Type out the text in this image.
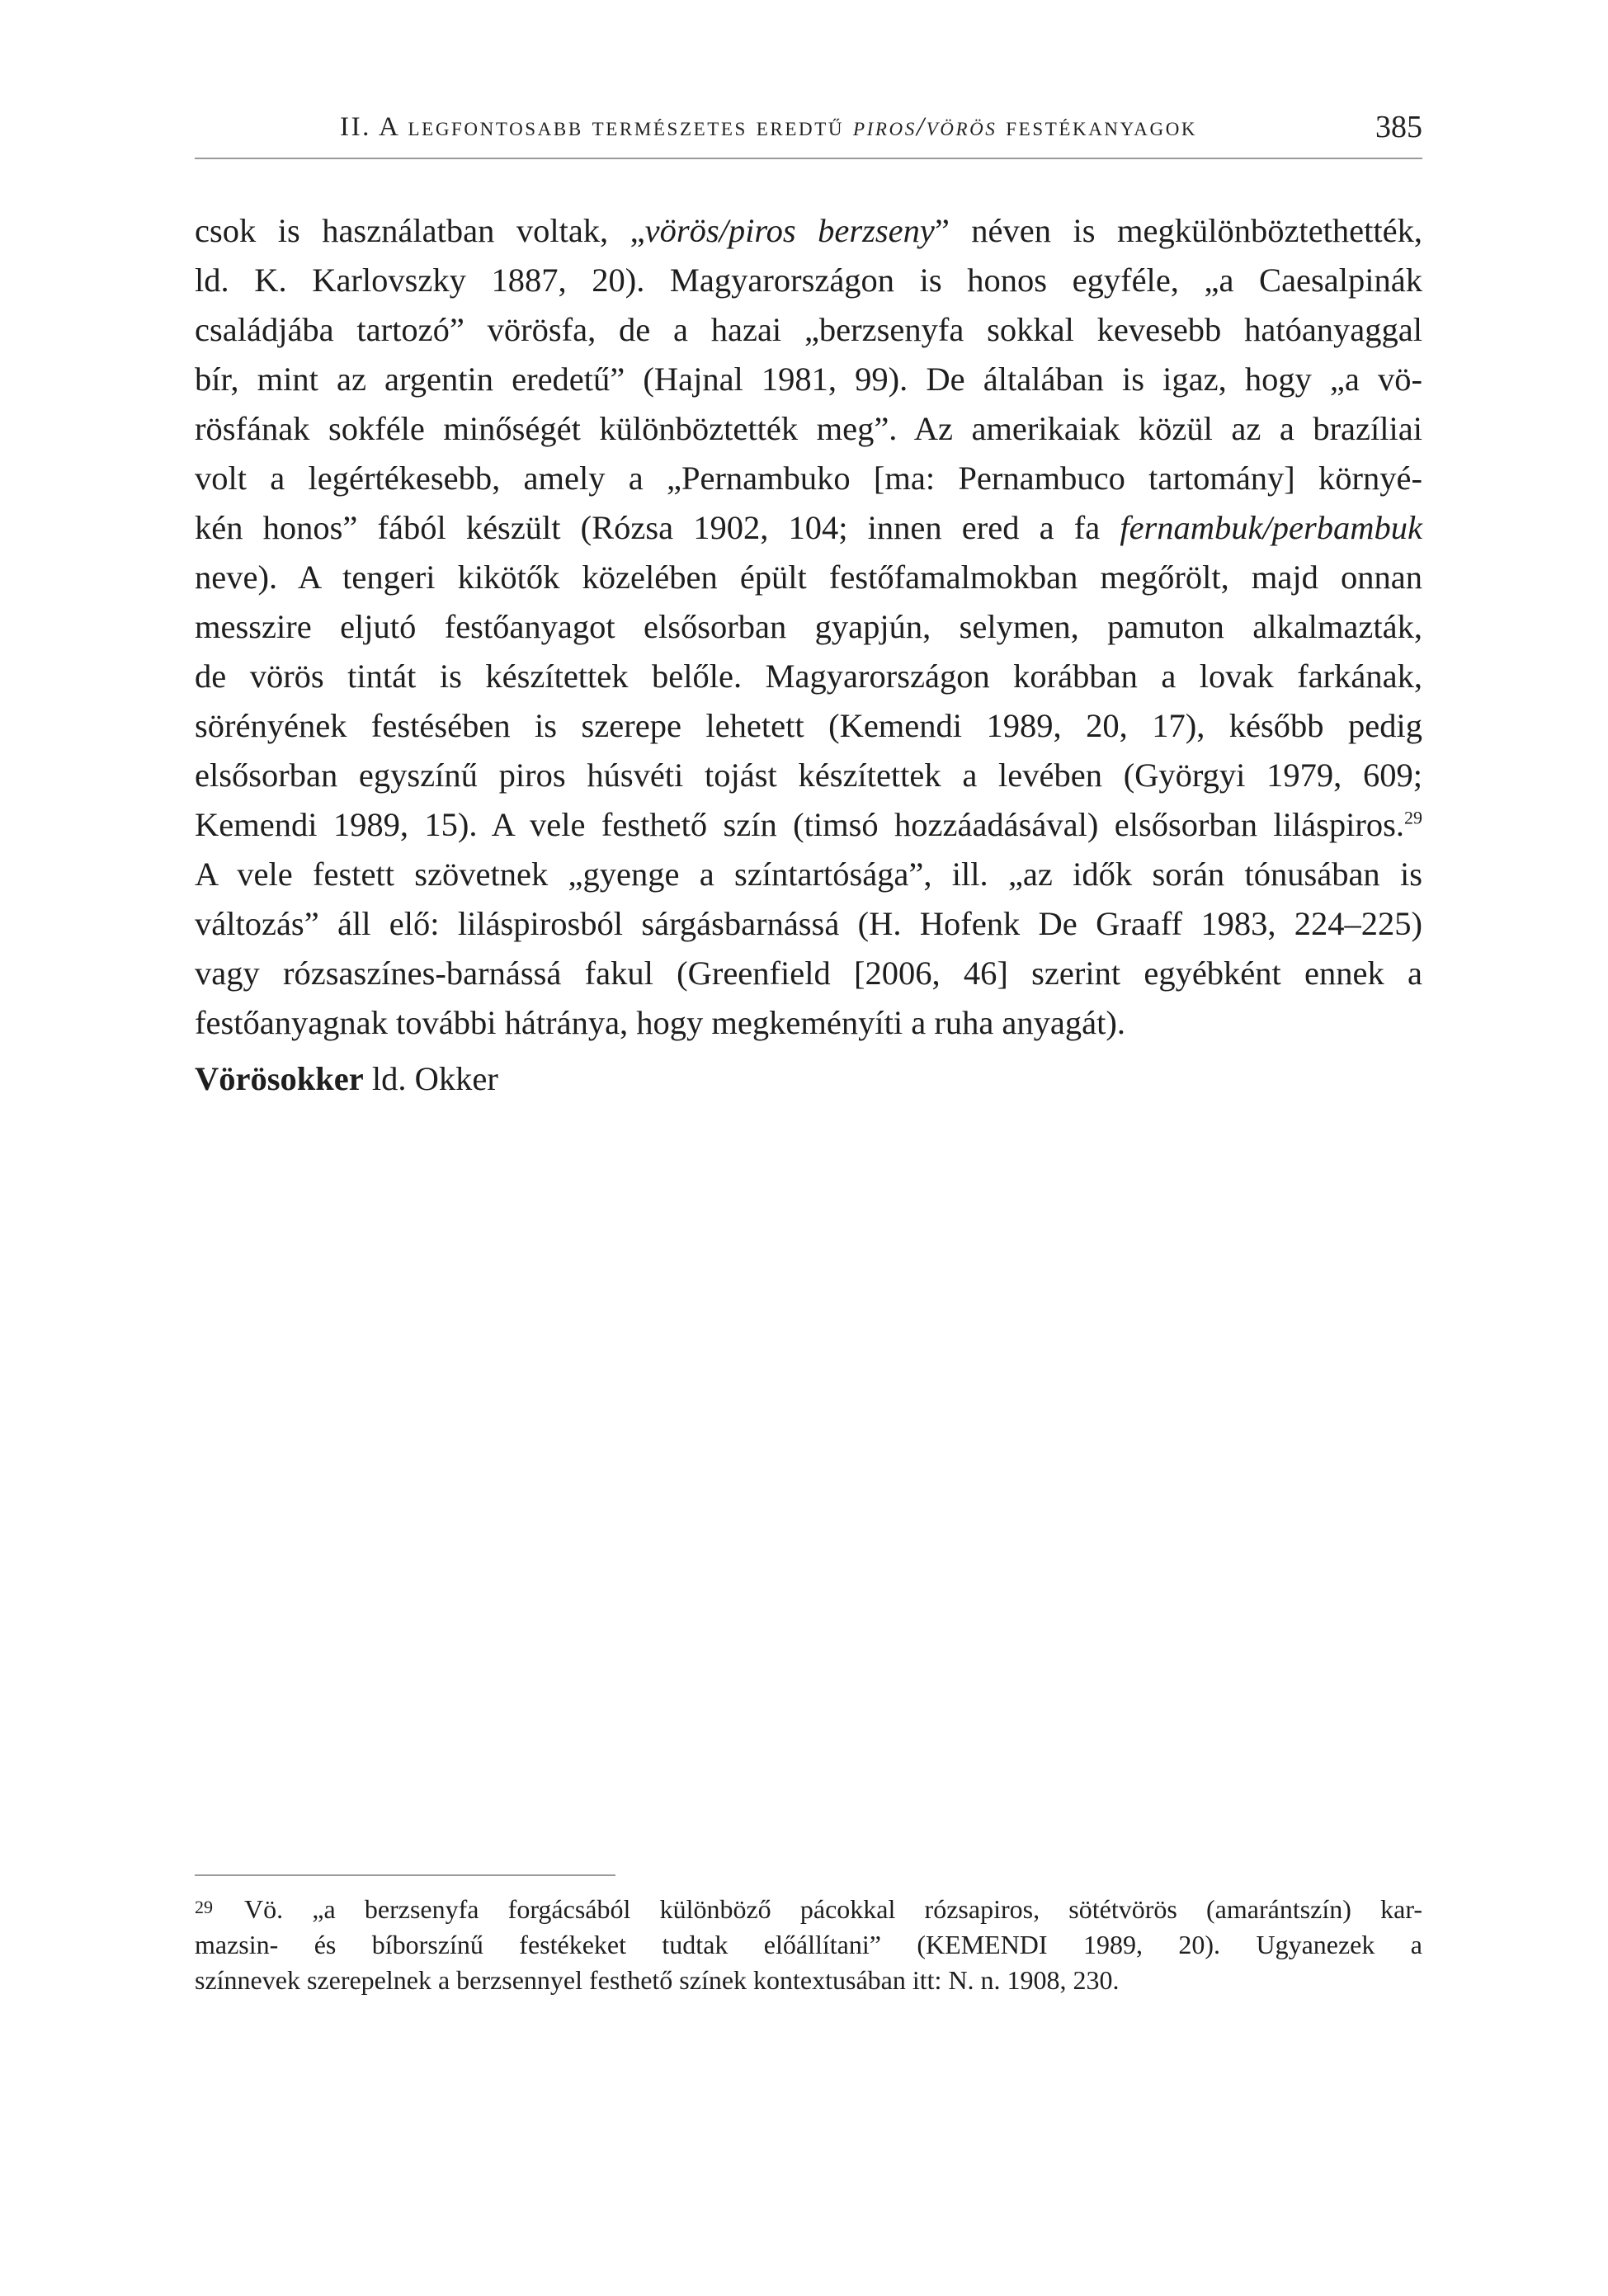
II. A legfontosabb természetes eredtű piros/vörös festékanyagok	385
csok is használatban voltak, „vörös/piros berzseny” néven is megkülönböztethették,
ld. K. Karlovszky 1887, 20). Magyarországon is honos egyféle, „a Caesalpinák
családjába tartozó” vörösfa, de a hazai „berzsenyfa sokkal kevesebb hatóanyaggal
bír, mint az argentin eredetű” (Hajnal 1981, 99). De általában is igaz, hogy „a vö-
rösfának sokféle minőségét különböztették meg”. Az amerikaiak közül az a brazíliai
volt a legértékesebb, amely a „Pernambuko [ma: Pernambuco tartomány] környé-
kén honos” fából készült (Rózsa 1902, 104; innen ered a fa fernambuk/perbambuk
neve). A tengeri kikötők közelében épült festőfamalmokban megőrölt, majd onnan
messzire eljutó festőanyagot elsősorban gyapjún, selymen, pamuton alkalmazták,
de vörös tintát is készítettek belőle. Magyarországon korábban a lovak farkának,
sörényének festésében is szerepe lehetett (Kemendi 1989, 20, 17), később pedig
elsősorban egyszínű piros húsvéti tojást készítettek a levében (Györgyi 1979, 609;
Kemendi 1989, 15). A vele festhető szín (timsó hozzáadásával) elsősorban liláspiros.$^{29}$
A vele festett szövetnek „gyenge a színtartósága”, ill. „az idők során tónusában is
változás” áll elő: liláspirosból sárgásbarnássá (H. Hofenk De Graaff 1983, 224–225)
vagy rózsaszínes-barnássá fakul (Greenfield [2006, 46] szerint egyébként ennek a
festőanyagnak további hátránya, hogy megkeményíti a ruha anyagát).
Vörösokker ld. Okker
29 Vö. „a berzsenyfa forgácsából különböző pácokkal rózsapiros, sötétvörös (amarántszín) kar-
mazsin- és bíborszínű festékeket tudtak előállítani” (KEMENDI 1989, 20). Ugyanezek a
színnevek szerepelnek a berzsennyel festhető színek kontextusában itt: N. n. 1908, 230.
